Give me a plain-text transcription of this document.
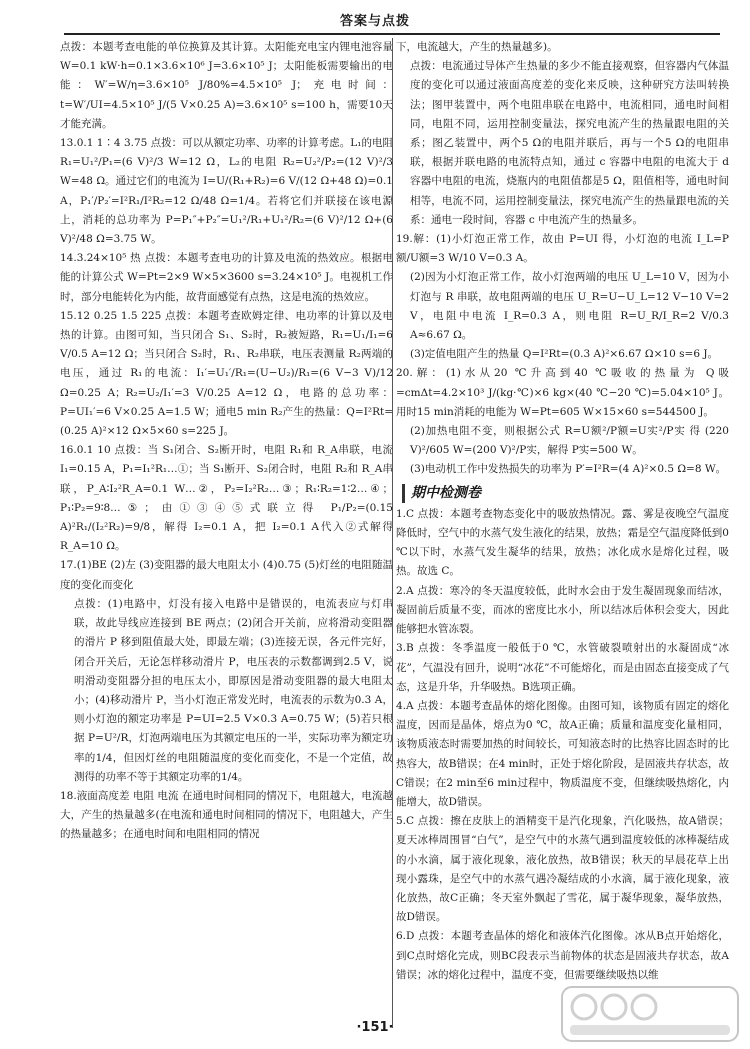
答案与点拨

点拨：本题考查电能的单位换算及其计算。太阳能充电宝内锂电池容量 W=0.1 kW·h=0.1×3.6×10⁶ J=3.6×10⁵ J；太阳能板需要输出的电能：W′=W/η=3.6×10⁵ J/80%=4.5×10⁵ J；充电时间：t=W′/UI=4.5×10⁵ J/(5 V×0.25 A)=3.6×10⁵ s=100 h，需要10天才能充满。

13.0.1 1∶4 3.75 点拨：可以从额定功率、功率的计算考虑。L₁的电阻 R₁=U₁²/P₁=(6 V)²/3 W=12 Ω，L₂的电阻 R₂=U₂²/P₂=(12 V)²/3 W=48 Ω。通过它们的电流为 I=U/(R₁+R₂)=6 V/(12 Ω+48 Ω)=0.1 A，P₁′/P₂′=I²R₁/I²R₂=12 Ω/48 Ω=1/4。若将它们并联接在该电源上，消耗的总功率为 P=P₁″+P₂″=U₁²/R₁+U₁²/R₂=(6 V)²/12 Ω+(6 V)²/48 Ω=3.75 W。

14.3.24×10⁵ 热 点拨：本题考查电功的计算及电流的热效应。根据电能的计算公式 W=Pt=2×9 W×5×3600 s=3.24×10⁵ J。电视机工作时，部分电能转化为内能，故背面感觉有点热，这是电流的热效应。

15.12 0.25 1.5 225 点拨：本题考查欧姆定律、电功率的计算以及电热的计算。由图可知，当只闭合 S₁、S₂时，R₂被短路，R₁=U₁/I₁=6 V/0.5 A=12 Ω；当只闭合 S₂时，R₁、R₂串联，电压表测量 R₂两端的电压，通过 R₁的电流：I₁′=U₁′/R₁=(U−U₂)/R₁=(6 V−3 V)/12 Ω=0.25 A；R₂=U₂/I₁′=3 V/0.25 A=12 Ω，电路的总功率：P=UI₁′=6 V×0.25 A=1.5 W；通电5 min R₂产生的热量：Q=I²Rt=(0.25 A)²×12 Ω×5×60 s=225 J。

16.0.1 10 点拨：当 S₁闭合、S₂断开时，电阻 R₁和 R_A串联，电流 I₁=0.15 A，P₁=I₁²R₁…①；当 S₁断开、S₂闭合时，电阻 R₂和 R_A串联，P_A∶I₂²R_A=0.1 W…②，P₂=I₂²R₂…③；R₁∶R₂=1∶2…④；P₁∶P₂=9∶8…⑤；由①③④⑤式联立得 P₁/P₂=(0.15 A)²R₁/(I₂²R₂)=9/8，解得 I₂=0.1 A，把 I₂=0.1 A代入②式解得 R_A=10 Ω。

17.(1)BE (2)左 (3)变阻器的最大电阻太小 (4)0.75 (5)灯丝的电阻随温度的变化而变化

点拨：(1)电路中，灯没有接入电路中是错误的，电流表应与灯串联，故此导线应连接到 BE 两点；(2)闭合开关前，应将滑动变阻器的滑片 P 移到阻值最大处，即最左端；(3)连接无误，各元件完好，闭合开关后，无论怎样移动滑片 P，电压表的示数都调到2.5 V，说明滑动变阻器分担的电压太小，即原因是滑动变阻器的最大电阻太小；(4)移动滑片 P，当小灯泡正常发光时，电流表的示数为0.3 A，则小灯泡的额定功率是 P=UI=2.5 V×0.3 A=0.75 W；(5)若只根据 P=U²/R，灯泡两端电压为其额定电压的一半，实际功率为额定功率的1/4，但因灯丝的电阻随温度的变化而变化，不是一个定值，故测得的功率不等于其额定功率的1/4。

18.液面高度差 电阻 电流 在通电时间相同的情况下，电阻越大，电流越大，产生的热量越多(在电流和通电时间相同的情况下，电阻越大，产生的热量越多；在通电时间和电阻相同的情况

下，电流越大，产生的热量越多)。

点拨：电流通过导体产生热量的多少不能直接观察，但容器内气体温度的变化可以通过液面高度差的变化来反映，这种研究方法叫转换法；图甲装置中，两个电阻串联在电路中，电流相同，通电时间相同，电阻不同，运用控制变量法，探究电流产生的热量跟电阻的关系；图乙装置中，两个5 Ω的电阻并联后，再与一个5 Ω的电阻串联，根据并联电路的电流特点知，通过 c 容器中电阻的电流大于 d 容器中电阻的电流，烧瓶内的电阻值都是5 Ω，阻值相等，通电时间相等，电流不同，运用控制变量法，探究电流产生的热量跟电流的关系：通电一段时间，容器 c 中电流产生的热量多。

19.解：(1)小灯泡正常工作，故由 P=UI 得，小灯泡的电流 I_L=P额/U额=3 W/10 V=0.3 A。

(2)因为小灯泡正常工作，故小灯泡两端的电压 U_L=10 V，因为小灯泡与 R 串联，故电阻两端的电压 U_R=U−U_L=12 V−10 V=2 V，电阻中电流 I_R=0.3 A，则电阻 R=U_R/I_R=2 V/0.3 A≈6.67 Ω。

(3)定值电阻产生的热量 Q=I²Rt=(0.3 A)²×6.67 Ω×10 s=6 J。

20.解：(1)水从20 ℃升高到40 ℃吸收的热量为 Q吸=cmΔt=4.2×10³ J/(kg·℃)×6 kg×(40 ℃−20 ℃)=5.04×10⁵ J。用时15 min消耗的电能为 W=Pt=605 W×15×60 s=544500 J。

(2)加热电阻不变，则根据公式 R=U额²/P额=U实²/P实 得 (220 V)²/605 W=(200 V)²/P实，解得 P实=500 W。

(3)电动机工作中发热损失的功率为 P′=I²R=(4 A)²×0.5 Ω=8 W。

期中检测卷

1.C 点拨：本题考查物态变化中的吸放热情况。露、雾是夜晚空气温度降低时，空气中的水蒸气发生液化的结果，放热；霜是空气温度降低到0 ℃以下时，水蒸气发生凝华的结果，放热；冰化成水是熔化过程，吸热。故选 C。

2.A 点拨：寒冷的冬天温度较低，此时水会由于发生凝固现象而结冰，凝固前后质量不变，而冰的密度比水小，所以结冰后体积会变大，因此能够把水管冻裂。

3.B 点拨：冬季温度一般低于0 ℃，水管破裂喷射出的水凝固成“冰花”，气温没有回升，说明“冰花”不可能熔化，而是由固态直接变成了气态，这是升华，升华吸热。B选项正确。

4.A 点拨：本题考查晶体的熔化图像。由图可知，该物质有固定的熔化温度，因而是晶体，熔点为0 ℃，故A正确；质量和温度变化量相同，该物质液态时需要加热的时间较长，可知液态时的比热容比固态时的比热容大，故B错误；在4 min时，正处于熔化阶段，是固液共存状态，故C错误；在2 min至6 min过程中，物质温度不变，但继续吸热熔化，内能增大，故D错误。

5.C 点拨：擦在皮肤上的酒精变干是汽化现象，汽化吸热，故A错误；夏天冰棒周围冒“白气”，是空气中的水蒸气遇到温度较低的冰棒凝结成的小水滴，属于液化现象，液化放热，故B错误；秋天的早晨花草上出现小露珠，是空气中的水蒸气遇冷凝结成的小水滴，属于液化现象，液化放热，故C正确；冬天室外飘起了雪花，属于凝华现象，凝华放热，故D错误。

6.D 点拨：本题考查晶体的熔化和液体汽化图像。冰从B点开始熔化，到C点时熔化完成，则BC段表示当前物体的状态是固液共存状态，故A错误；冰的熔化过程中，温度不变，但需要继续吸热以维

·151·
